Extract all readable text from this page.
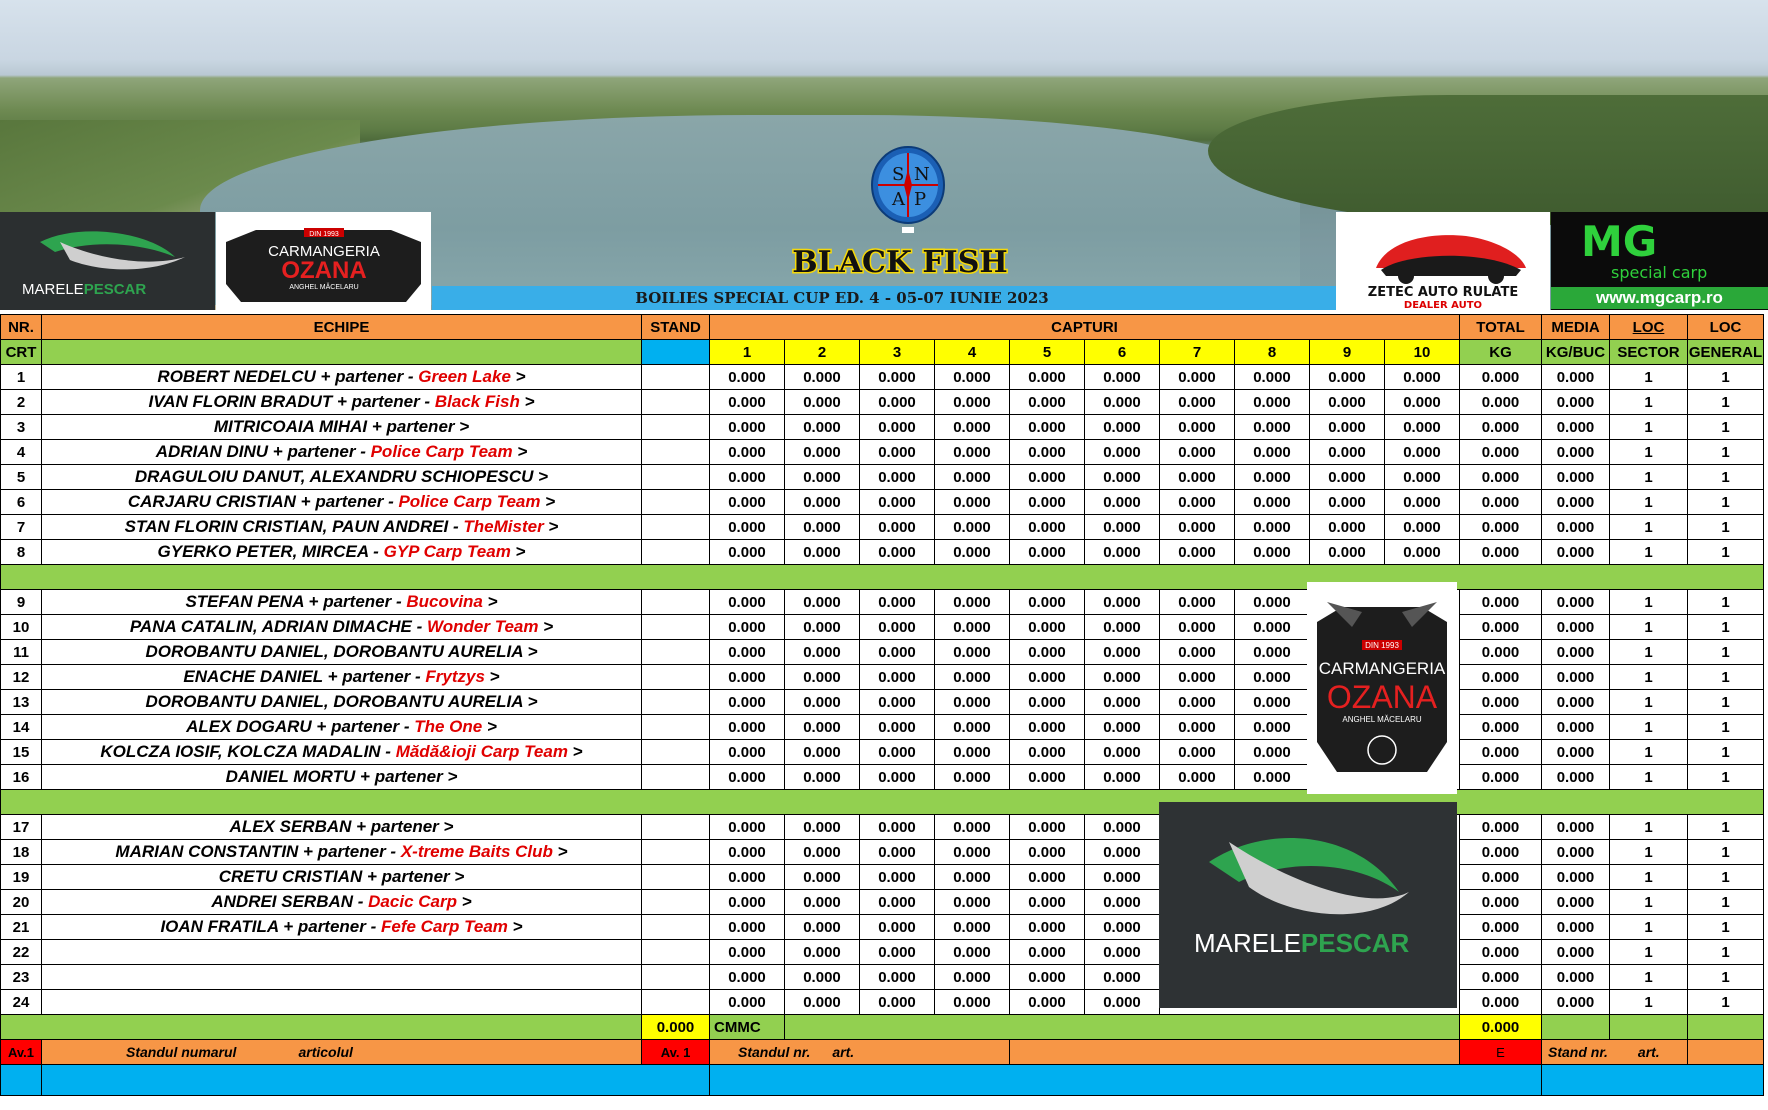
S N
A P
MARELEPESCAR
DIN 1993
CARMANGERIA
OZANA
ANGHEL MĂCELARU	ZETEC AUTO RULATE
DEALER AUTO
MG
special carp
www.mgcarp.ro
BLACK FISH
BOILIES SPECIAL CUP ED. 4 - 05-07 IUNIE 2023
NR.	ECHIPE	STAND	CAPTURI										TOTAL	MEDIA	LOC	LOC
CRT			1	2	3	4	5	6	7	8	9	10	KG	KG/BUC	SECTOR	GENERAL
1	ROBERT NEDELCU + partener - Green Lake >		0.000	0.000	0.000	0.000	0.000	0.000	0.000	0.000	0.000	0.000	0.000	0.000	1	1
2	IVAN FLORIN BRADUT + partener - Black Fish >		0.000	0.000	0.000	0.000	0.000	0.000	0.000	0.000	0.000	0.000	0.000	0.000	1	1
3	MITRICOAIA MIHAI + partener >		0.000	0.000	0.000	0.000	0.000	0.000	0.000	0.000	0.000	0.000	0.000	0.000	1	1
4	ADRIAN DINU + partener - Police Carp Team >		0.000	0.000	0.000	0.000	0.000	0.000	0.000	0.000	0.000	0.000	0.000	0.000	1	1
5	DRAGULOIU DANUT, ALEXANDRU SCHIOPESCU >		0.000	0.000	0.000	0.000	0.000	0.000	0.000	0.000	0.000	0.000	0.000	0.000	1	1
6	CARJARU CRISTIAN + partener - Police Carp Team >		0.000	0.000	0.000	0.000	0.000	0.000	0.000	0.000	0.000	0.000	0.000	0.000	1	1
7	STAN FLORIN CRISTIAN, PAUN ANDREI - TheMister >		0.000	0.000	0.000	0.000	0.000	0.000	0.000	0.000	0.000	0.000	0.000	0.000	1	1
8	GYERKO PETER, MIRCEA - GYP Carp Team >		0.000	0.000	0.000	0.000	0.000	0.000	0.000	0.000	0.000	0.000	0.000	0.000	1	1

9	STEFAN PENA + partener - Bucovina >		0.000	0.000	0.000	0.000	0.000	0.000	0.000	0.000			0.000	0.000	1	1
10	PANA CATALIN, ADRIAN DIMACHE - Wonder Team >		0.000	0.000	0.000	0.000	0.000	0.000	0.000	0.000			0.000	0.000	1	1
11	DOROBANTU DANIEL, DOROBANTU AURELIA >		0.000	0.000	0.000	0.000	0.000	0.000	0.000	0.000			0.000	0.000	1	1
12	ENACHE DANIEL + partener - Frytzys >		0.000	0.000	0.000	0.000	0.000	0.000	0.000	0.000			0.000	0.000	1	1
13	DOROBANTU DANIEL, DOROBANTU AURELIA >		0.000	0.000	0.000	0.000	0.000	0.000	0.000	0.000			0.000	0.000	1	1
14	ALEX DOGARU + partener - The One >		0.000	0.000	0.000	0.000	0.000	0.000	0.000	0.000			0.000	0.000	1	1
15	KOLCZA IOSIF, KOLCZA MADALIN - Mădă&ioji Carp Team >		0.000	0.000	0.000	0.000	0.000	0.000	0.000	0.000			0.000	0.000	1	1
16	DANIEL MORTU + partener >		0.000	0.000	0.000	0.000	0.000	0.000	0.000	0.000			0.000	0.000	1	1

17	ALEX SERBAN + partener >		0.000	0.000	0.000	0.000	0.000	0.000					0.000	0.000	1	1
18	MARIAN CONSTANTIN + partener - X-treme Baits Club >		0.000	0.000	0.000	0.000	0.000	0.000					0.000	0.000	1	1
19	CRETU CRISTIAN + partener >		0.000	0.000	0.000	0.000	0.000	0.000					0.000	0.000	1	1
20	ANDREI SERBAN - Dacic Carp >		0.000	0.000	0.000	0.000	0.000	0.000					0.000	0.000	1	1
21	IOAN FRATILA + partener - Fefe Carp Team >		0.000	0.000	0.000	0.000	0.000	0.000					0.000	0.000	1	1
22			0.000	0.000	0.000	0.000	0.000	0.000					0.000	0.000	1	1
23			0.000	0.000	0.000	0.000	0.000	0.000					0.000	0.000	1	1
24			0.000	0.000	0.000	0.000	0.000	0.000					0.000	0.000	1	1
		0.000	CMMC										0.000			
Av.1	Standul numarul articolul	Av. 1	Standul nr. art.										E	Stand nr. art.		

DIN 1993
CARMANGERIA
OZANA
ANGHEL MĂCELARU
MARELEPESCAR
